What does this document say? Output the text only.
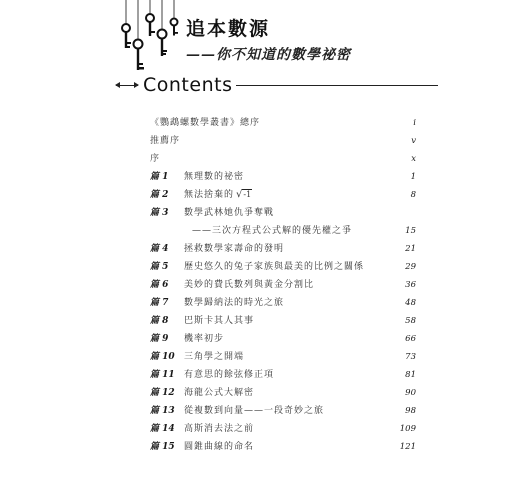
追本數源
——你不知道的數學祕密
Contents
《鸚鵡螺數學叢書》總序	i
推薦序	v
序	x
篇 1	無理數的祕密	1
篇 2	無法捨棄的 √-1	8
篇 3	數學武林她仇爭奪戰
——三次方程式公式解的優先權之爭	15
篇 4	拯救數學家壽命的發明	21
篇 5	歷史悠久的兔子家族與最美的比例之關係	29
篇 6	美妙的費氏數列與黃金分割比	36
篇 7	數學歸納法的時光之旅	48
篇 8	巴斯卡其人其事	58
篇 9	機率初步	66
篇 10	三角學之開端	73
篇 11	有意思的餘弦修正項	81
篇 12	海龍公式大解密	90
篇 13	從複數到向量——一段奇妙之旅	98
篇 14	高斯消去法之前	109
篇 15	圓錐曲線的命名	121
